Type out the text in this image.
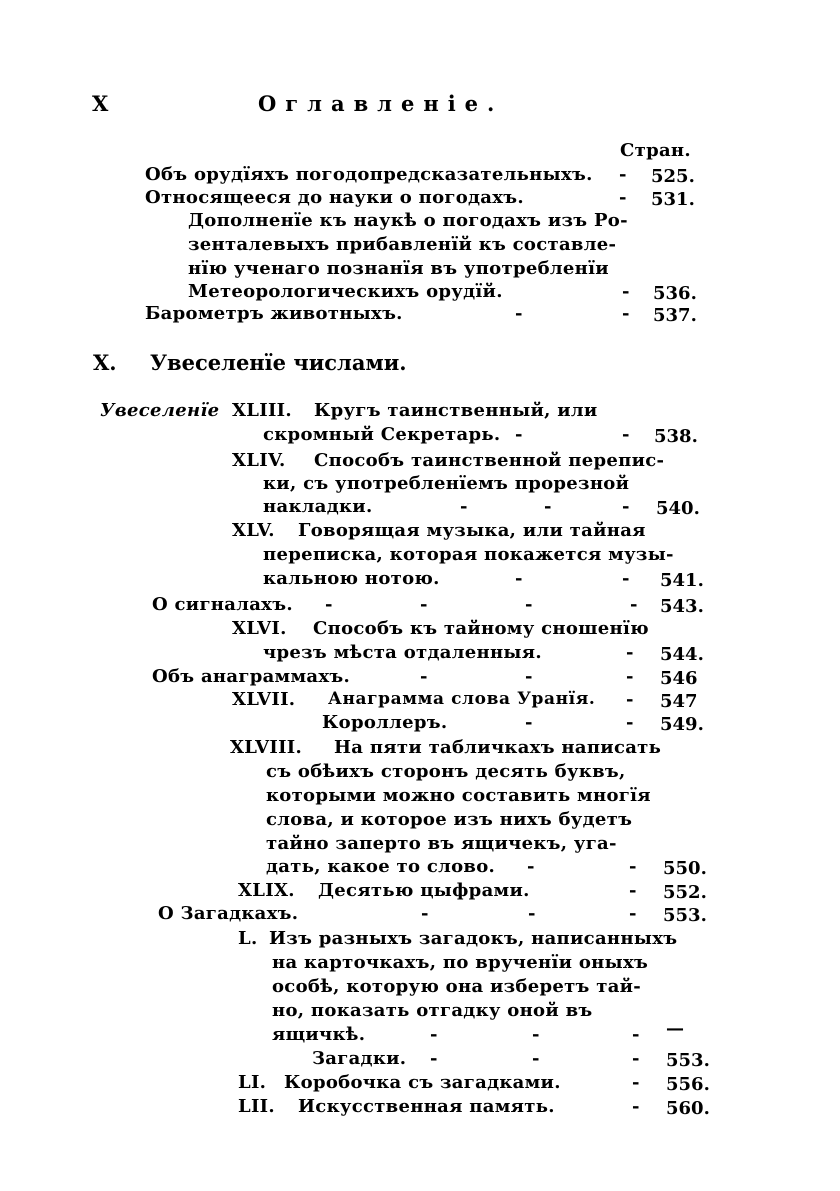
X	Оглавленіе.
Стран.
Объ орудїяхъ погодопредсказательныхъ. - 525.
Относящееся до науки о погодахъ.	- 531.
Дополненїе къ наукѣ о погодахъ изъ Ро-
зенталевыхъ прибавленїй къ составле-
нїю ученаго познанїя въ употребленїи
Метеорологическихъ орудїй.	- 536.
Барометръ животныхъ.	-	- 537.
X. Увеселенїе числами.
Увеселенїе XLIII. Кругъ таинственный, или
скромный Секретарь. -	- 538.
XLIV. Способъ таинственной перепис-
ки, съ употребленїемъ прорезной
накладки.	-	-	- 540.
XLV. Говорящая музыка, или тайная
переписка, которая покажется музы-
кальною нотою.	-	- 541.
О сигналахъ. -	-	-	- 543.
XLVI. Способъ къ тайному сношенїю
чрезъ мѣста отдаленныя.	- 544.
Объ анаграммахъ.	-	-	- 546
XLVII. Анаграмма слова Уранїя. - 547
Короллеръ.	-	- 549.
XLVIII. На пяти табличкахъ написать
съ обѣихъ сторонъ десять буквъ,
которыми можно составить многїя
слова, и которое изъ нихъ будетъ
тайно заперто въ ящичекъ, уга-
дать, какое то слово. -	- 550.
XLIX. Десятью цыфрами.	- 552.
О Загадкахъ.	-	-	- 553.
L. Изъ разныхъ загадокъ, написанныхъ
на карточкахъ, по врученїи оныхъ
особѣ, которую она изберетъ тай-
но, показать отгадку оной въ
ящичкѣ.	-	-	- —
Загадки. -	-	- 553.
LI. Коробочка съ загадками.	- 556.
LII. Искусственная память.	- 560.
